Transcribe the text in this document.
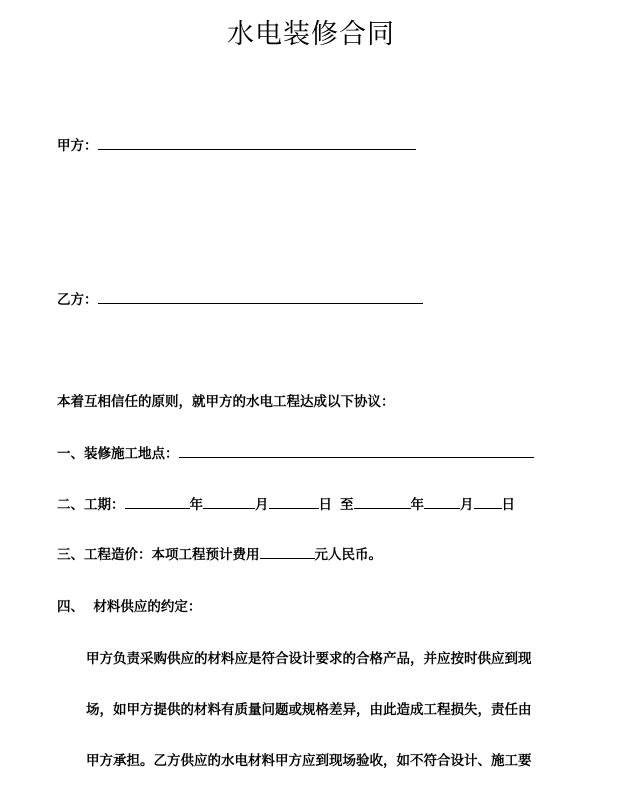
水电装修合同
甲方：
乙方：
本着互相信任的原则，就甲方的水电工程达成以下协议：
一、装修施工地点：
二、工期：	年	月	日 至	年	月 日
三、工程造价：本项工程预计费用	元人民币。
四、  材料供应的约定：
甲方负责采购供应的材料应是符合设计要求的合格产品，并应按时供应到现
场，如甲方提供的材料有质量问题或规格差异，由此造成工程损失，责任由
甲方承担。乙方供应的水电材料甲方应到现场验收，如不符合设计、施工要
